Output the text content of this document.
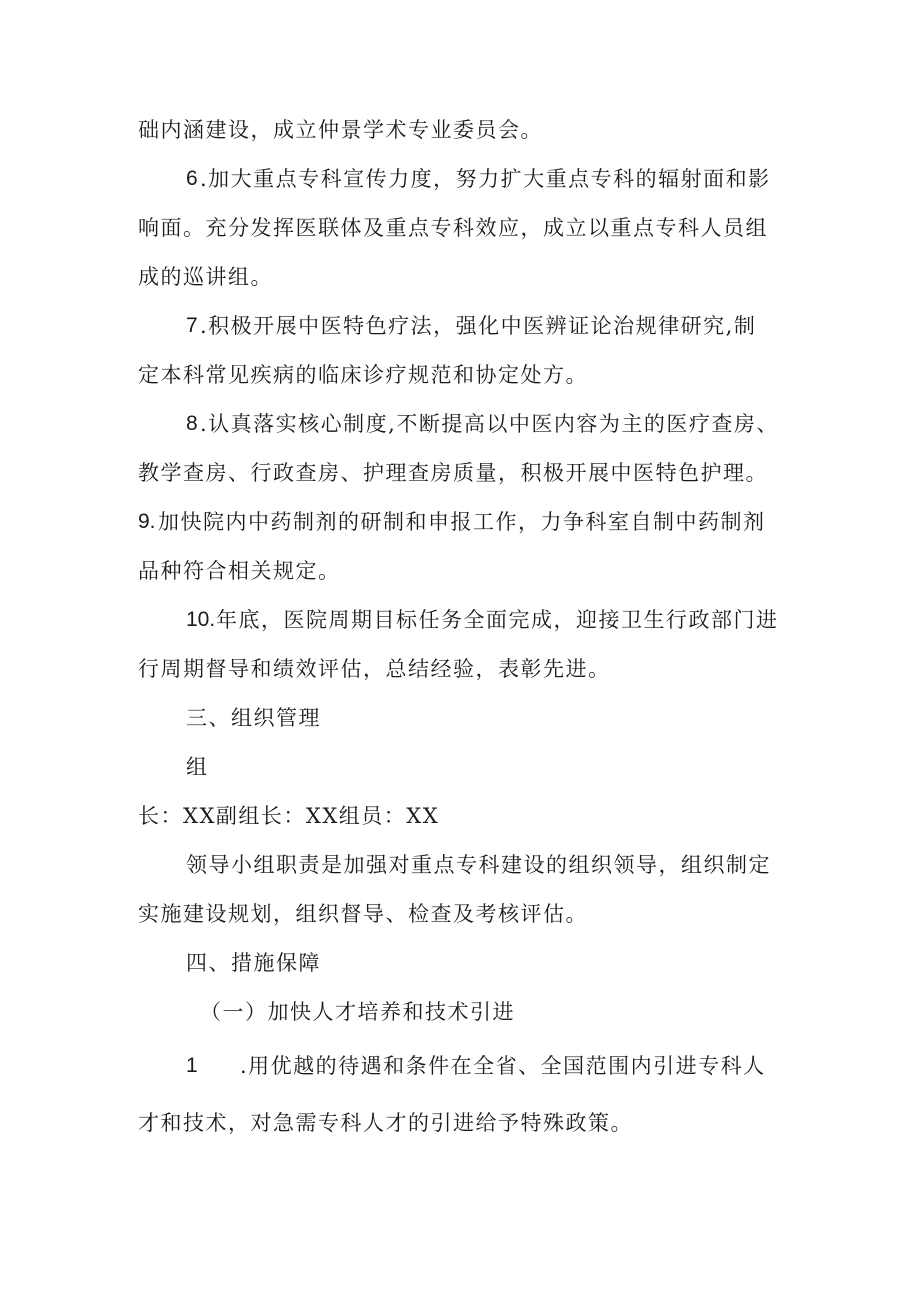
础内涵建设，成立仲景学术专业委员会。
6 .加大重点专科宣传力度，努力扩大重点专科的辐射面和影
响面。充分发挥医联体及重点专科效应，成立以重点专科人员组
成的巡讲组。
7 .积极开展中医特色疗法，强化中医辨证论治规律研究,制
定本科常见疾病的临床诊疗规范和协定处方。
8 .认真落实核心制度,不断提高以中医内容为主的医疗查房、
教学查房、行政查房、护理查房质量，积极开展中医特色护理。
9. 加快院内中药制剂的研制和申报工作，力争科室自制中药制剂
品种符合相关规定。
10. 年底，医院周期目标任务全面完成，迎接卫生行政部门进
行周期督导和绩效评估，总结经验，表彰先进。
三、组织管理
组
长：XX副组长：XX组员：XX
领导小组职责是加强对重点专科建设的组织领导，组织制定
实施建设规划，组织督导、检查及考核评估。
四、措施保障
（一）加快人才培养和技术引进
1 .用优越的待遇和条件在全省、全国范围内引进专科人
才和技术，对急需专科人才的引进给予特殊政策。
